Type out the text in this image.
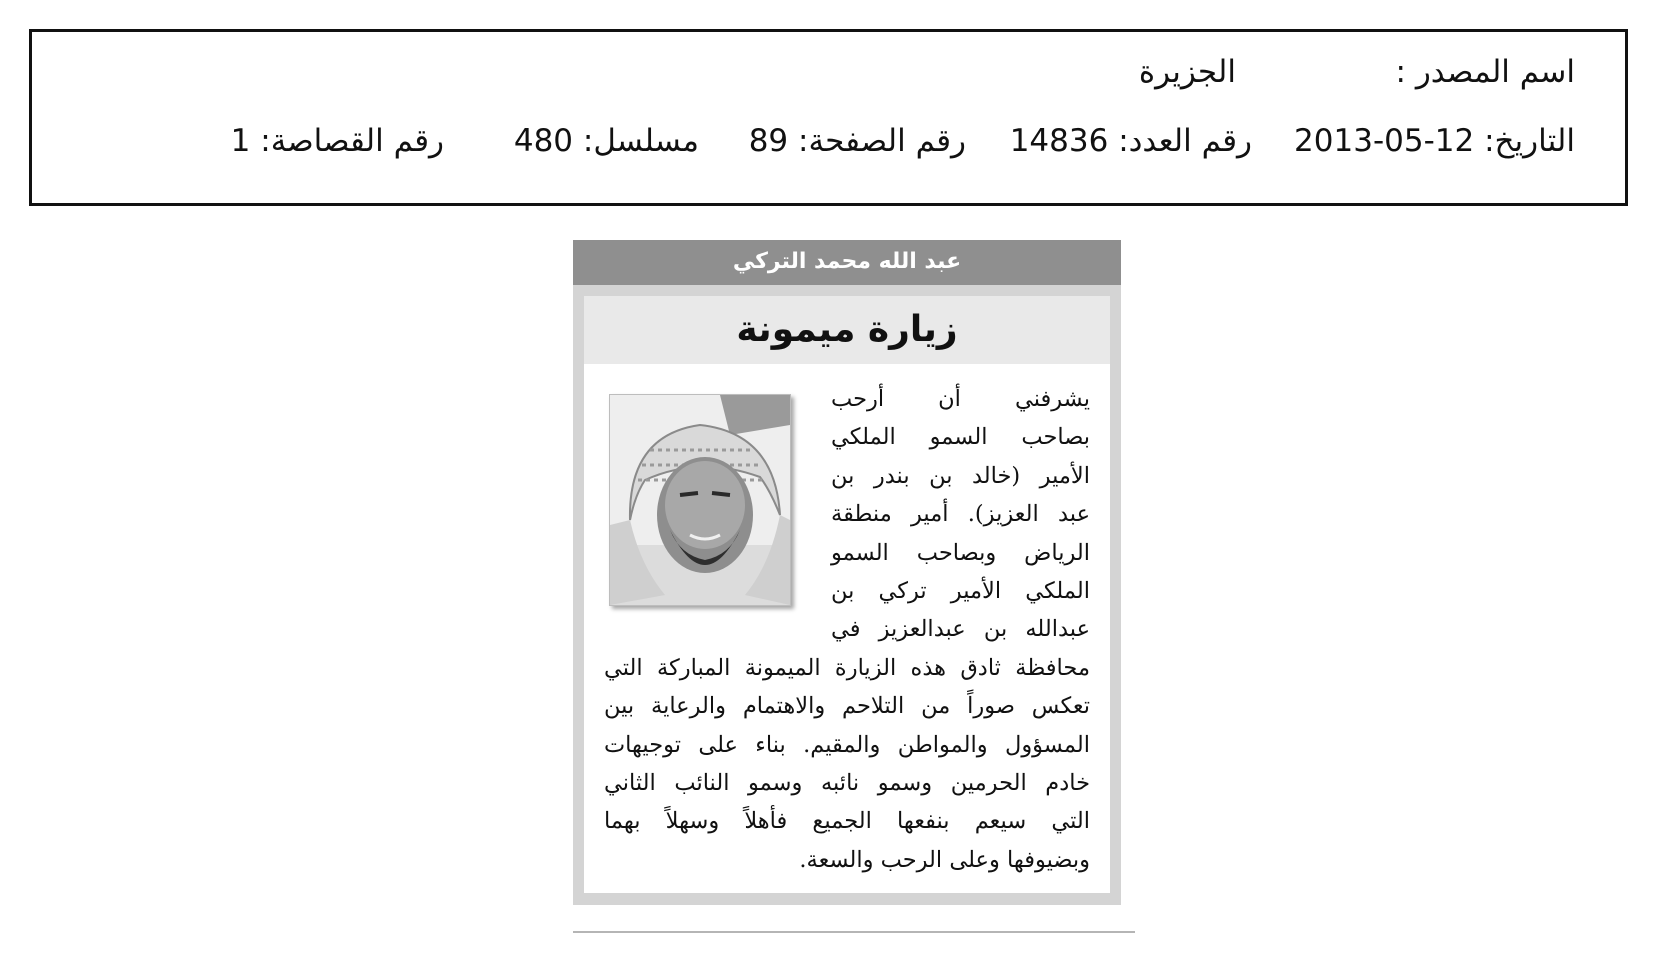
اسم المصدر :
الجزيرة
التاريخ: 2013-05-12
رقم العدد: 14836
رقم الصفحة: 89
مسلسل: 480
رقم القصاصة: 1
عبد الله محمد التركي
زيارة ميمونة
يشرفني أن أرحب
بصاحب السمو الملكي
الأمير (خالد بن بندر بن
عبد العزيز). أمير منطقة
الرياض وبصاحب السمو
الملكي الأمير تركي بن
عبدالله بن عبدالعزيز في
محافظة ثادق هذه الزيارة الميمونة المباركة التي
تعكس صوراً من التلاحم والاهتمام والرعاية بين
المسؤول والمواطن والمقيم. بناء على توجيهات
خادم الحرمين وسمو نائبه وسمو النائب الثاني
التي سيعم بنفعها الجميع فأهلاً وسهلاً بهما
وبضيوفها وعلى الرحب والسعة.
